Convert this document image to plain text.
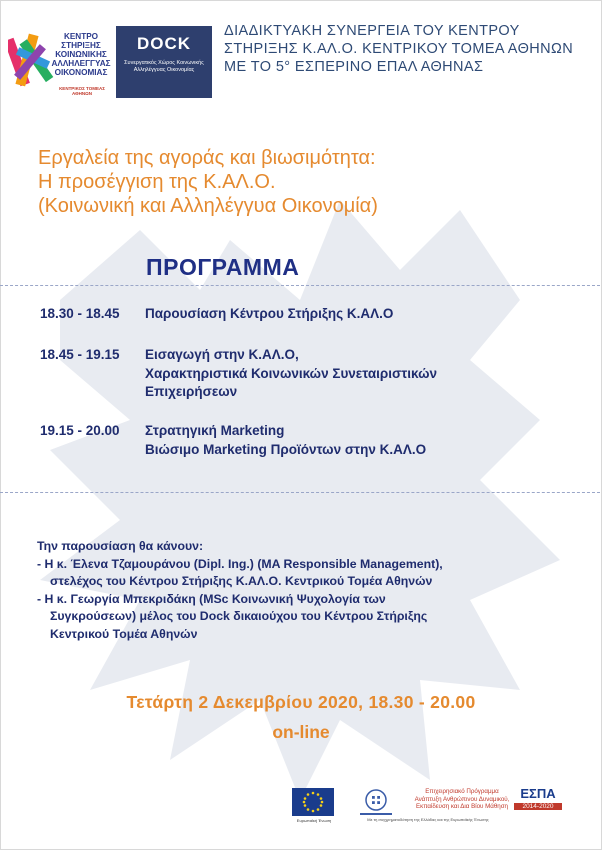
ΚΕΝΤΡΟ
ΣΤΗΡΙΞΗΣ
ΚΟΙΝΩΝΙΚΗΣ
ΑΛΛΗΛΕΓΓΥΑΣ
ΟΙΚΟΝΟΜΙΑΣ
ΚΕΝΤΡΙΚΟΣ ΤΟΜΕΑΣ ΑΘΗΝΩΝ
DOCK
Συνεργατικός Χώρος Κοινωνικής Αλληλέγγυας Οικονομίας
ΔΙΑΔΙΚΤΥΑΚΗ ΣΥΝΕΡΓΕΙΑ ΤΟΥ ΚΕΝΤΡΟΥ ΣΤΗΡΙΞΗΣ Κ.ΑΛ.Ο. ΚΕΝΤΡΙΚΟΥ ΤΟΜΕΑ ΑΘΗΝΩΝ ΜΕ ΤΟ 5° ΕΣΠΕΡΙΝΟ ΕΠΑΛ ΑΘΗΝΑΣ
Εργαλεία της αγοράς και βιωσιμότητα:
Η προσέγγιση της Κ.ΑΛ.Ο.
(Κοινωνική και Αλληλέγγυα Οικονομία)
ΠΡΟΓΡΑΜΜΑ
18.30 - 18.45	Παρουσίαση Κέντρου Στήριξης Κ.ΑΛ.Ο
18.45 - 19.15	Εισαγωγή στην Κ.ΑΛ.Ο,
Χαρακτηριστικά Κοινωνικών Συνεταιριστικών
Επιχειρήσεων
19.15 - 20.00	Στρατηγική Marketing
Βιώσιμο Marketing Προϊόντων στην Κ.ΑΛ.Ο
Την παρουσίαση θα κάνουν:
- Η κ. Έλενα Τζαμουράνου (Dipl. Ing.) (MA Responsible Management),
στελέχος του Κέντρου Στήριξης Κ.ΑΛ.Ο. Κεντρικού Τομέα Αθηνών
- Η κ. Γεωργία Μπεκριδάκη (MSc Κοινωνική Ψυχολογία των
Συγκρούσεων) μέλος του Dock δικαιούχου του Κέντρου Στήριξης
Κεντρικού Τομέα Αθηνών
Τετάρτη 2 Δεκεμβρίου 2020, 18.30 - 20.00
on-line
Ευρωπαϊκή Ένωση
Επιχειρησιακό Πρόγραμμα
Ανάπτυξη Ανθρώπινου Δυναμικού,
Εκπαίδευση και Δια Βίου Μάθηση
ΕΣΠΑ
2014-2020
Με τη συγχρηματοδότηση της Ελλάδας και της Ευρωπαϊκής Ένωσης
